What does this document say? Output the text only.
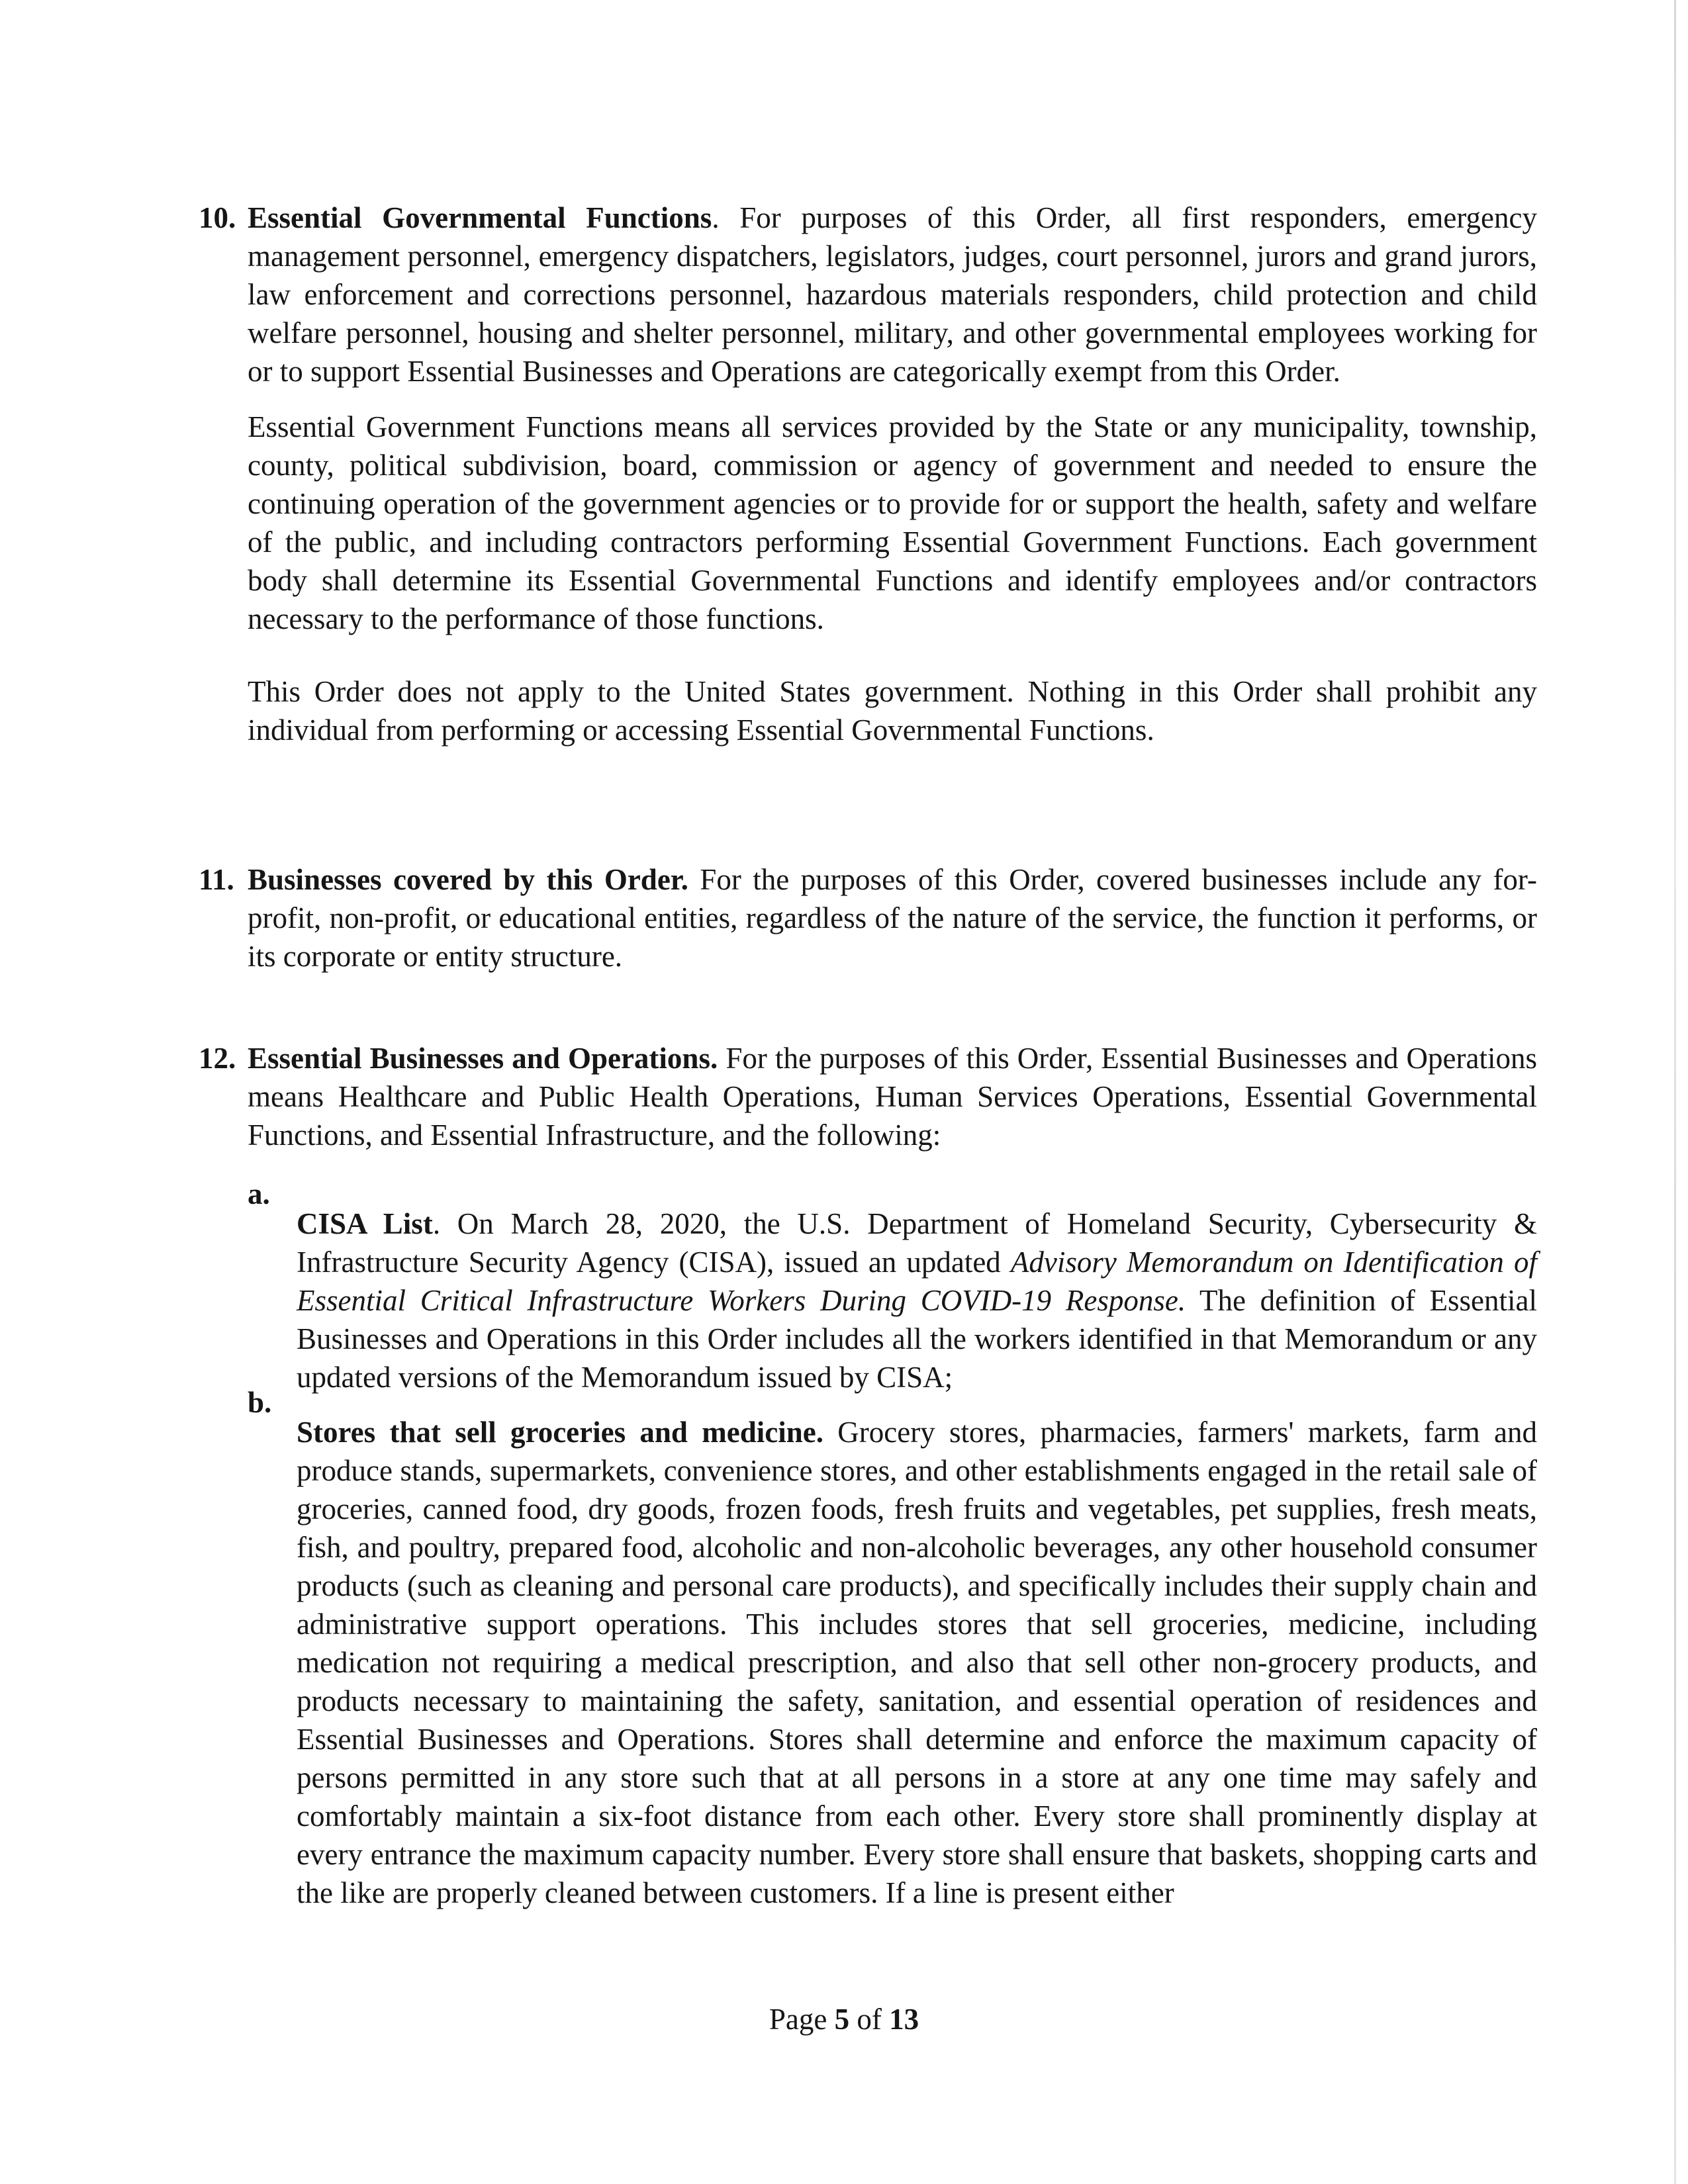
10. Essential Governmental Functions. For purposes of this Order, all first responders, emergency management personnel, emergency dispatchers, legislators, judges, court personnel, jurors and grand jurors, law enforcement and corrections personnel, hazardous materials responders, child protection and child welfare personnel, housing and shelter personnel, military, and other governmental employees working for or to support Essential Businesses and Operations are categorically exempt from this Order.

Essential Government Functions means all services provided by the State or any municipality, township, county, political subdivision, board, commission or agency of government and needed to ensure the continuing operation of the government agencies or to provide for or support the health, safety and welfare of the public, and including contractors performing Essential Government Functions. Each government body shall determine its Essential Governmental Functions and identify employees and/or contractors necessary to the performance of those functions.

This Order does not apply to the United States government. Nothing in this Order shall prohibit any individual from performing or accessing Essential Governmental Functions.

11. Businesses covered by this Order. For the purposes of this Order, covered businesses include any for-profit, non-profit, or educational entities, regardless of the nature of the service, the function it performs, or its corporate or entity structure.

12. Essential Businesses and Operations. For the purposes of this Order, Essential Businesses and Operations means Healthcare and Public Health Operations, Human Services Operations, Essential Governmental Functions, and Essential Infrastructure, and the following:

a.

CISA List. On March 28, 2020, the U.S. Department of Homeland Security, Cybersecurity & Infrastructure Security Agency (CISA), issued an updated Advisory Memorandum on Identification of Essential Critical Infrastructure Workers During COVID-19 Response. The definition of Essential Businesses and Operations in this Order includes all the workers identified in that Memorandum or any updated versions of the Memorandum issued by CISA;

b.

Stores that sell groceries and medicine. Grocery stores, pharmacies, farmers' markets, farm and produce stands, supermarkets, convenience stores, and other establishments engaged in the retail sale of groceries, canned food, dry goods, frozen foods, fresh fruits and vegetables, pet supplies, fresh meats, fish, and poultry, prepared food, alcoholic and non-alcoholic beverages, any other household consumer products (such as cleaning and personal care products), and specifically includes their supply chain and administrative support operations. This includes stores that sell groceries, medicine, including medication not requiring a medical prescription, and also that sell other non-grocery products, and products necessary to maintaining the safety, sanitation, and essential operation of residences and Essential Businesses and Operations. Stores shall determine and enforce the maximum capacity of persons permitted in any store such that at all persons in a store at any one time may safely and comfortably maintain a six-foot distance from each other. Every store shall prominently display at every entrance the maximum capacity number. Every store shall ensure that baskets, shopping carts and the like are properly cleaned between customers. If a line is present either

Page 5 of 13
